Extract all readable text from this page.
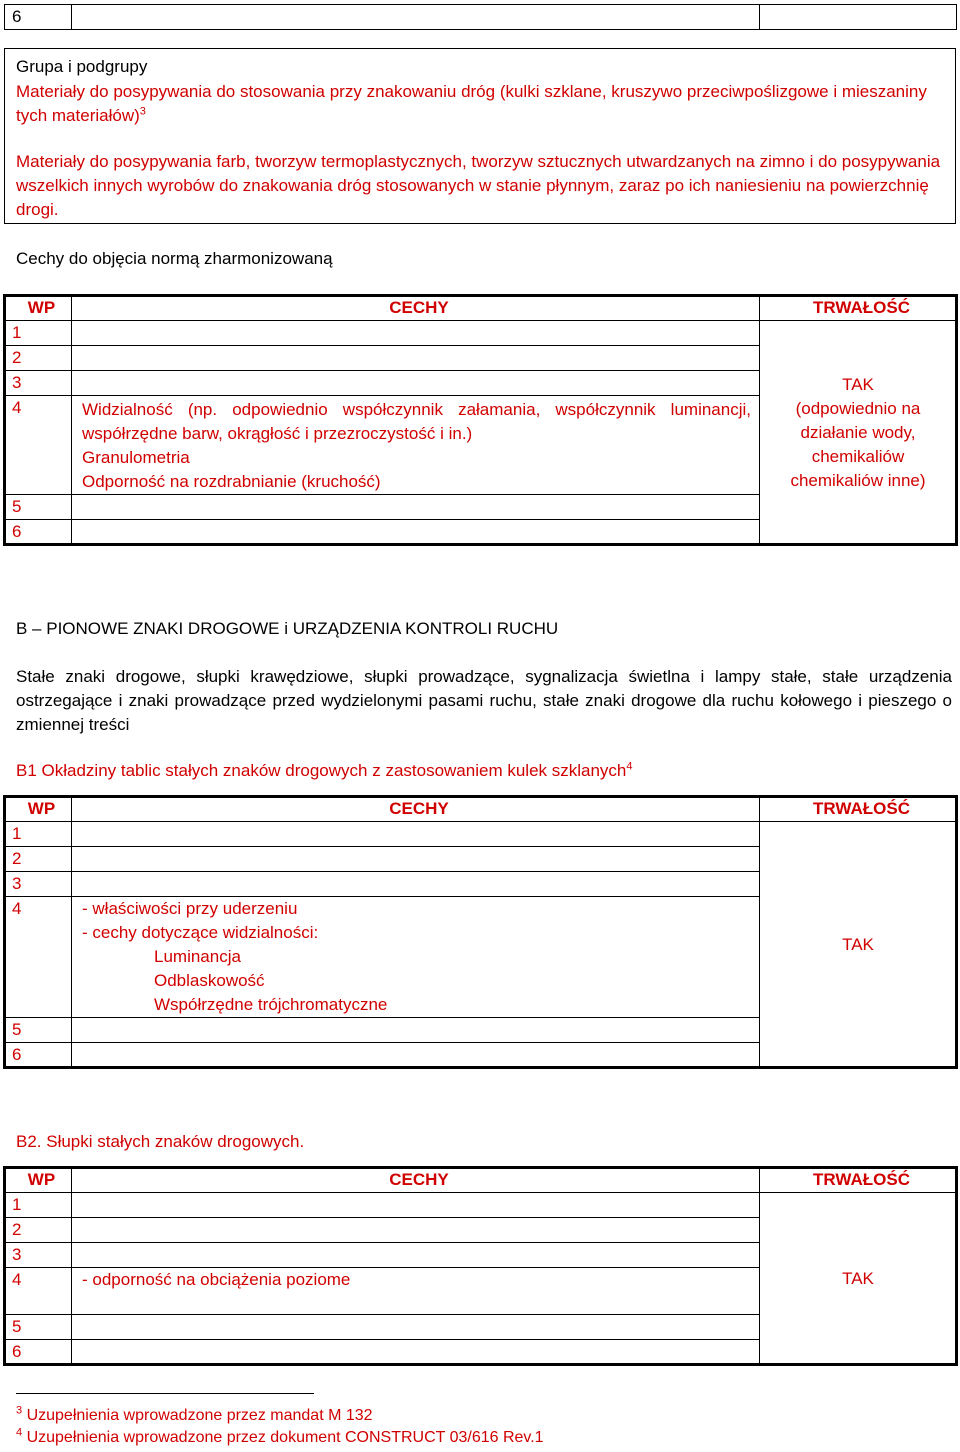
6		
Grupa i podgrupy
Materiały do posypywania do stosowania przy znakowaniu dróg (kulki szklane, kruszywo przeciwpoślizgowe i mieszaniny tych materiałów)$^3$
Materiały do posypywania farb, tworzyw termoplastycznych, tworzyw sztucznych utwardzanych na zimno i do posypywania wszelkich innych wyrobów do znakowania dróg stosowanych w stanie płynnym, zaraz po ich naniesieniu na powierzchnię drogi.
Cechy do objęcia normą zharmonizowaną
WP	CECHY	TRWAŁOŚĆ
1		TAK
(odpowiednio na
działanie wody,
chemikaliów
chemikaliów inne)

2		
3		
4	Widzialność (np. odpowiednio współczynnik załamania, współczynnik luminancji,
współrzędne barw, okrągłość i przezroczystość i in.)
Granulometria
Odporność na rozdrabnianie (kruchość)	

5		
6		
B – PIONOWE ZNAKI DROGOWE i URZĄDZENIA KONTROLI RUCHU
Stałe znaki drogowe, słupki krawędziowe, słupki prowadzące, sygnalizacja świetlna i lampy stałe, stałe urządzenia ostrzegające i znaki prowadzące przed wydzielonymi pasami ruchu, stałe znaki drogowe dla ruchu kołowego i pieszego o zmiennej treści
B1 Okładziny tablic stałych znaków drogowych z zastosowaniem kulek szklanych$^4$
WP	CECHY	TRWAŁOŚĆ
1		TAK
2		
3		
4	- właściwości przy uderzeniu
- cechy dotyczące widzialności:
Luminancja
Odblaskowość
Współrzędne trójchromatyczne	

5		
6		
B2. Słupki stałych znaków drogowych.
WP	CECHY	TRWAŁOŚĆ
1		TAK
2		
3		
4	- odporność na obciążenia poziome	
5		
6		
$^3$ Uzupełnienia wprowadzone przez mandat M 132
$^4$ Uzupełnienia wprowadzone przez dokument CONSTRUCT 03/616 Rev.1
